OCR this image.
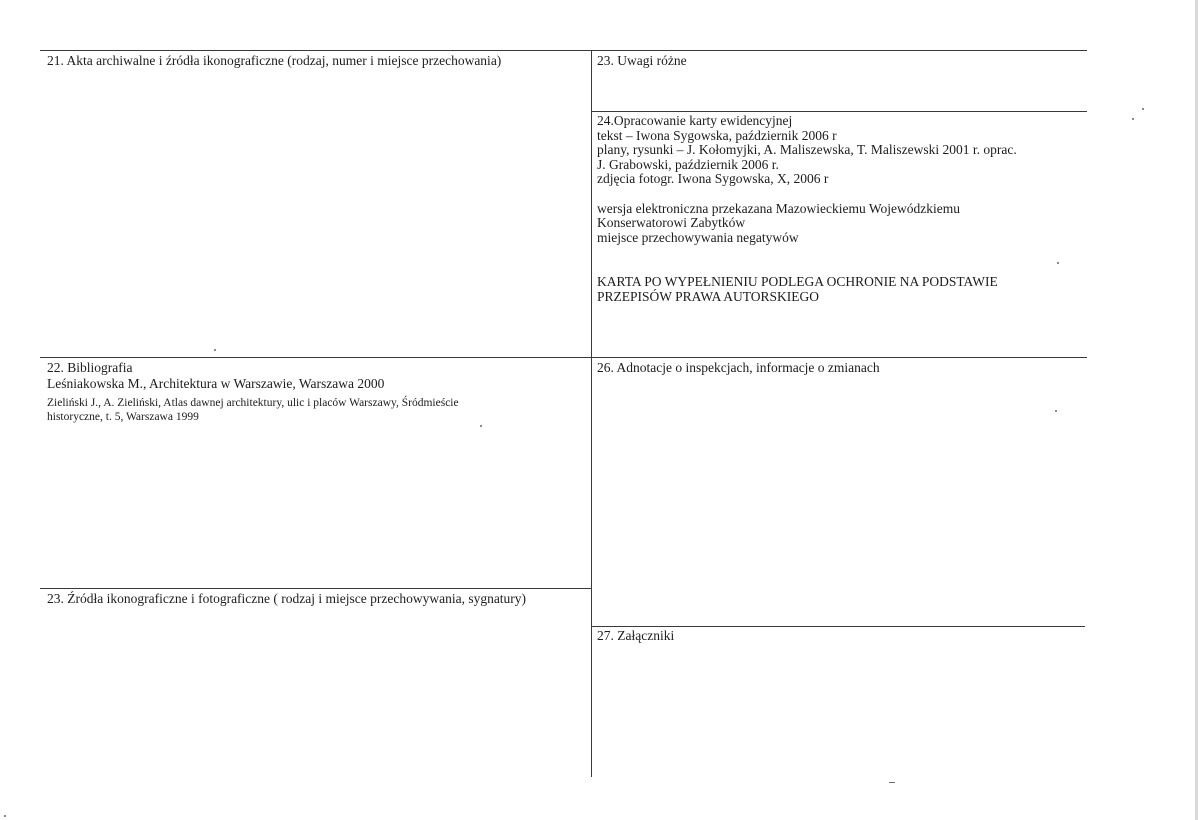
21. Akta archiwalne i źródła ikonograficzne (rodzaj, numer i miejsce przechowania)
22. Bibliografia
Leśniakowska M., Architektura w Warszawie, Warszawa 2000
Zieliński J., A. Zieliński, Atlas dawnej architektury, ulic i placów Warszawy, Śródmieście
historyczne, t. 5, Warszawa 1999
23. Źródła ikonograficzne i fotograficzne ( rodzaj i miejsce przechowywania, sygnatury)
23. Uwagi różne
24.Opracowanie karty ewidencyjnej
tekst – Iwona Sygowska, październik 2006 r
plany, rysunki – J. Kołomyjki, A. Maliszewska, T. Maliszewski 2001 r. oprac.
J. Grabowski, październik 2006 r.
zdjęcia fotogr. Iwona Sygowska, X, 2006 r
wersja elektroniczna przekazana Mazowieckiemu Wojewódzkiemu
Konserwatorowi Zabytków
miejsce przechowywania negatywów
KARTA PO WYPEŁNIENIU PODLEGA OCHRONIE NA PODSTAWIE
PRZEPISÓW PRAWA AUTORSKIEGO
26. Adnotacje o inspekcjach, informacje o zmianach
27. Załączniki
